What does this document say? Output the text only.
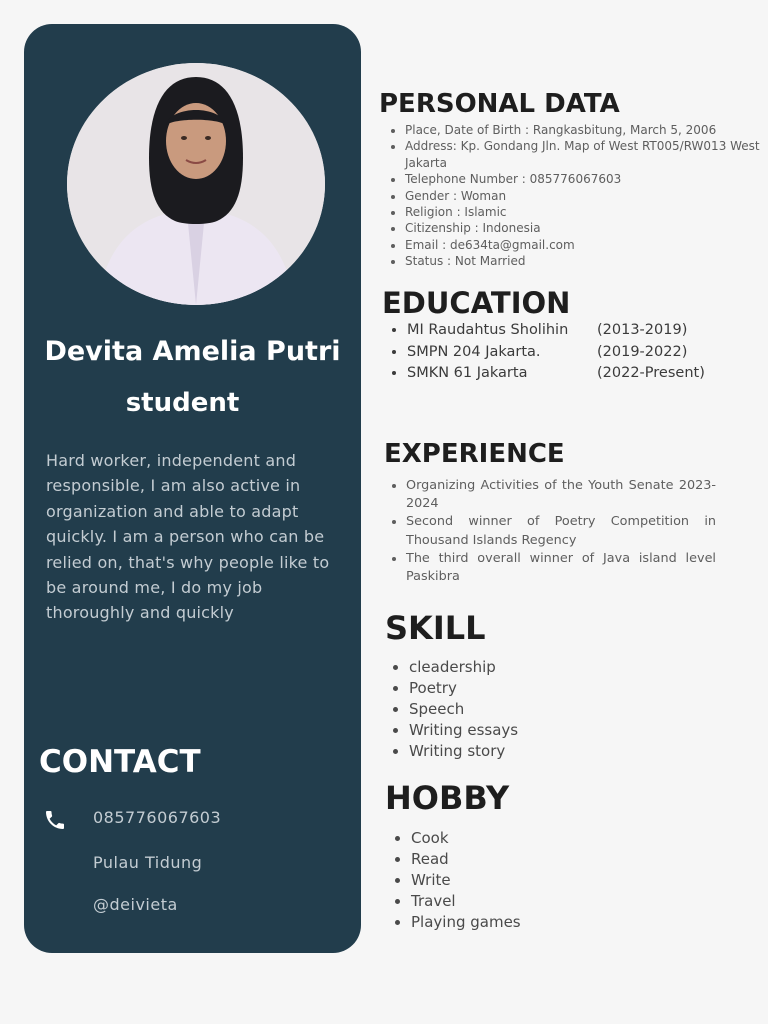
Devita Amelia Putri
student

Hard worker, independent and responsible, I am also active in organization and able to adapt quickly. I am a person who can be relied on, that's why people like to be around me, I do my job thoroughly and quickly

CONTACT

085776067603

Pulau Tidung

@deivieta

PERSONAL DATA
• Place, Date of Birth : Rangkasbitung, March 5, 2006
• Address: Kp. Gondang Jln. Map of West RT005/RW013 West Jakarta
• Telephone Number : 085776067603
• Gender : Woman
• Religion : Islamic
• Citizenship : Indonesia
• Email : de634ta@gmail.com
• Status : Not Married
EDUCATION
• MI Raudahtus Sholihin
• SMPN 204 Jakarta.
• SMKN 61 Jakarta
(2013-2019)
(2019-2022)
(2022-Present)
EXPERIENCE
• Organizing Activities of the Youth Senate 2023-2024
• Second winner of Poetry Competition in Thousand Islands Regency
• The third overall winner of Java island level Paskibra
SKILL
• cleadership
• Poetry
• Speech
• Writing essays
• Writing story
HOBBY
• Cook
• Read
• Write
• Travel
• Playing games
